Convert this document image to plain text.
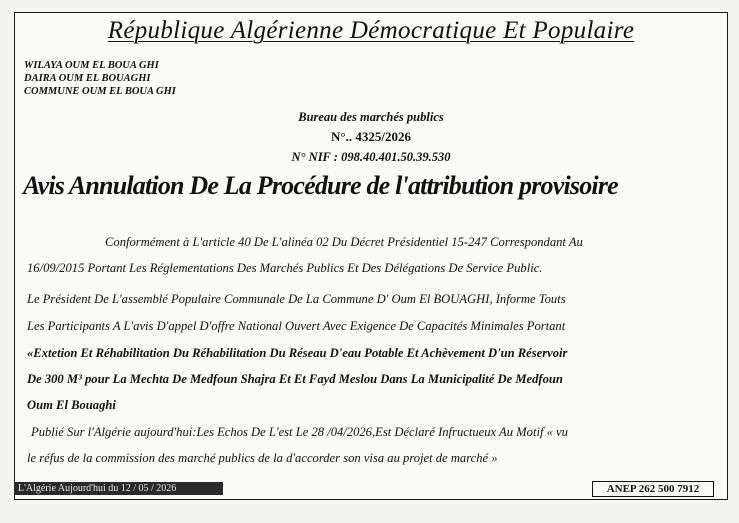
République Algérienne Démocratique Et Populaire
WILAYA OUM EL BOUA GHI
DAIRA OUM EL BOUAGHI
COMMUNE OUM EL BOUA GHI
Bureau des marchés publics
N°.. 4325/2026
N° NIF : 098.40.401.50.39.530
Avis Annulation De La Procédure de l'attribution provisoire
Conformément à L'article 40 De L'alinéa 02 Du Décret Présidentiel 15-247 Correspondant Au
16/09/2015 Portant Les Réglementations Des Marchés Publics Et Des Délégations De Service Public.
Le Président De L'assemblé Populaire Communale De La Commune D' Oum El BOUAGHI, Informe Touts
Les Participants A L'avis D'appel D'offre National Ouvert Avec Exigence De Capacités Minimales Portant
«Extetion Et Réhabilitation Du Réhabilitation Du Réseau D'eau Potable Et Achèvement D'un Réservoir
De 300 M³ pour La Mechta De Medfoun Shajra Et Et Fayd Meslou Dans La Municipalité De Medfoun
Oum El Bouaghi
Publié Sur l'Algérie aujourd'hui:Les Echos De L'est Le 28 /04/2026,Est Déclaré Infructueux Au Motif « vu
le réfus de la commission des marché publics de la d'accorder son visa au projet de marché »
L'Algérie Aujourd'hui du 12 / 05 / 2026	ANEP 262 500 7912
